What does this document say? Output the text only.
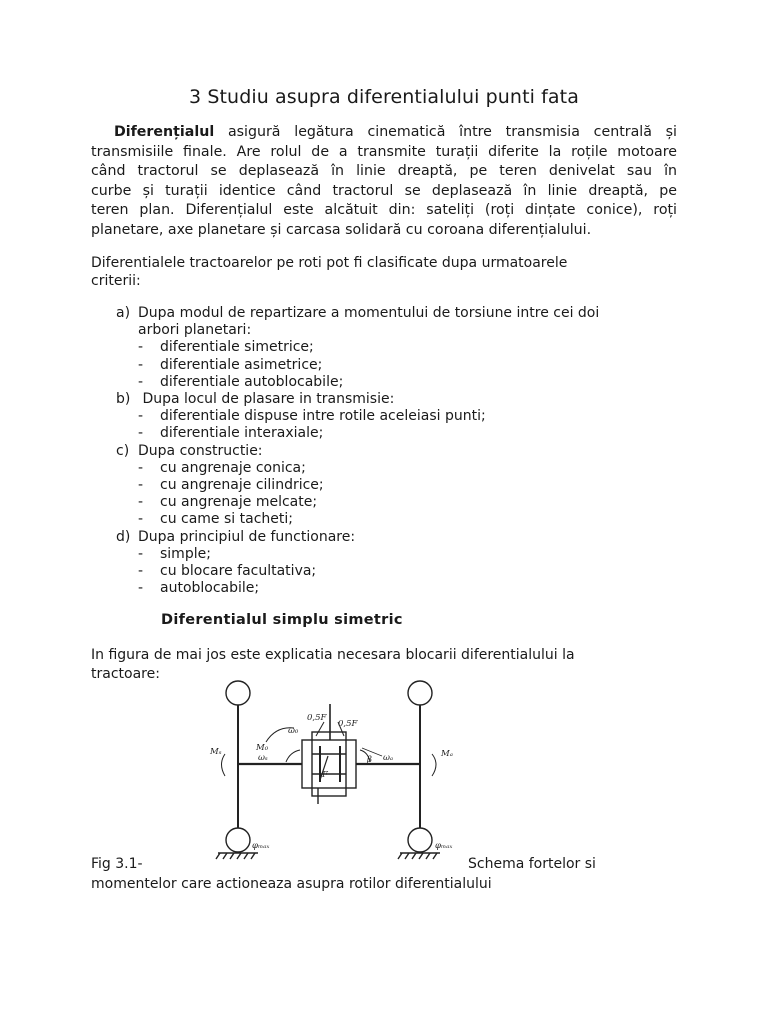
3 Studiu asupra diferentialului punti fata
Diferențialul asigură legătura cinematică între transmisia centrală și
transmisiile finale. Are rolul de a transmite turații diferite la roțile motoare
când tractorul se deplasează în linie dreaptă, pe teren denivelat sau în
curbe și turații identice când tractorul se deplasează în linie dreaptă, pe
teren plan. Diferențialul este alcătuit din: sateliți (roți dințate conice), roți
planetare, axe planetare și carcasa solidară cu coroana diferențialului.
Diferentialele tractoarelor pe roti pot fi clasificate dupa urmatoarele
criterii:
a) Dupa modul de repartizare a momentului de torsiune intre cei doi
arbori planetari:
- diferentiale simetrice;
- diferentiale asimetrice;
- diferentiale autoblocabile;
b) Dupa locul de plasare in transmisie:
- diferentiale dispuse intre rotile aceleiasi punti;
- diferentiale interaxiale;
c) Dupa constructie:
- cu angrenaje conica;
- cu angrenaje cilindrice;
- cu angrenaje melcate;
- cu came si tacheti;
d) Dupa principiul de functionare:
- simple;
- cu blocare facultativa;
- autoblocabile;
Diferentialul simplu simetric
In figura de mai jos este explicatia necesara blocarii diferentialului la
tractoare:
0,5F
0,5F
ω₀
M₀
ωₛ
F
β ωₐ
Mₛ	Mₐ
φₘₐₓ	φₘₐₓ
Fig 3.1-	Schema fortelor si
momentelor care actioneaza asupra rotilor diferentialului
